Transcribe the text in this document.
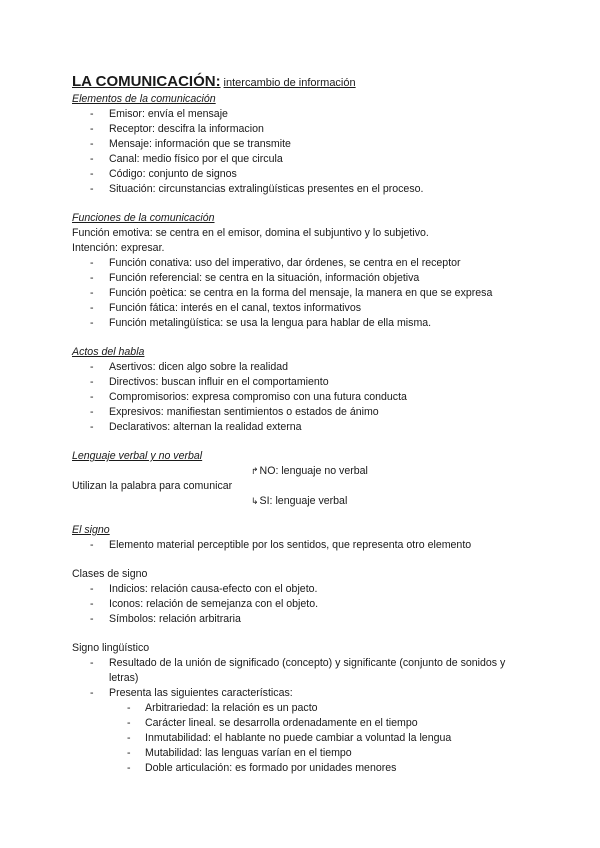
LA COMUNICACIÓN: intercambio de información
Elementos de la comunicación
- Emisor: envía el mensaje
- Receptor: descifra la informacion
- Mensaje: información que se transmite
- Canal: medio físico por el que circula
- Código: conjunto de signos
- Situación: circunstancias extralingüísticas presentes en el proceso.
Funciones de la comunicación
Función emotiva: se centra en el emisor, domina el subjuntivo y lo subjetivo.
Intención: expresar.
- Función conativa: uso del imperativo, dar órdenes, se centra en el receptor
- Función referencial: se centra en la situación, información objetiva
- Función poètica: se centra en la forma del mensaje, la manera en que se expresa
- Función fática: interés en el canal, textos informativos
- Función metalingüística: se usa la lengua para hablar de ella misma.
Actos del habla
- Asertivos: dicen algo sobre la realidad
- Directivos: buscan influir en el comportamiento
- Compromisorios: expresa compromiso con una futura conducta
- Expresivos: manifiestan sentimientos o estados de ánimo
- Declarativos: alternan la realidad externa
Lenguaje verbal y no verbal
↱NO: lenguaje no verbal
Utilizan la palabra para comunicar
↳SI: lenguaje verbal
El signo
- Elemento material perceptible por los sentidos, que representa otro elemento
Clases de signo
- Indicios: relación causa-efecto con el objeto.
- Iconos: relación de semejanza con el objeto.
- Símbolos: relación arbitraria
Signo lingüístico
- Resultado de la unión de significado (concepto) y significante (conjunto de sonidos y letras)
- Presenta las siguientes características:
- Arbitrariedad: la relación es un pacto
- Carácter lineal. se desarrolla ordenadamente en el tiempo
- Inmutabilidad: el hablante no puede cambiar a voluntad la lengua
- Mutabilidad: las lenguas varían en el tiempo
- Doble articulación: es formado por unidades menores
